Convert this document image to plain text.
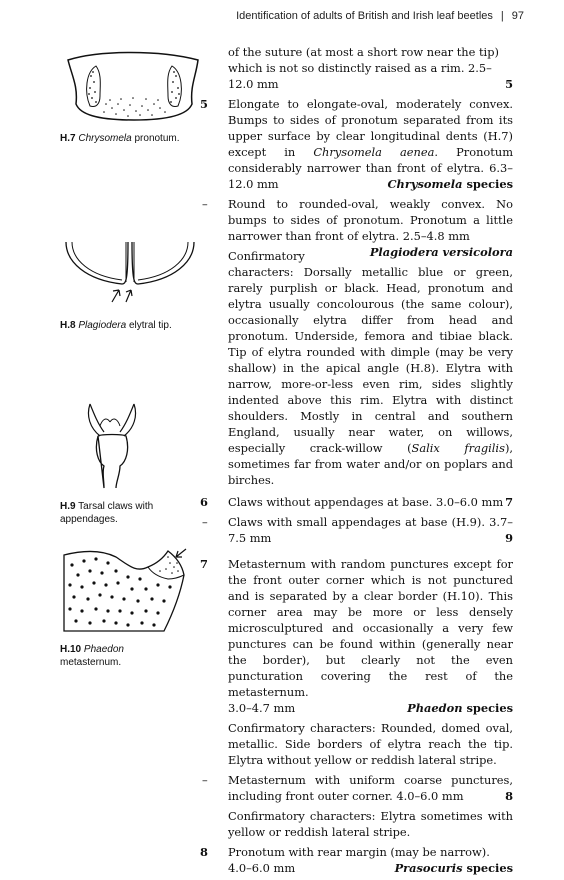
Identification of adults of British and Irish leaf beetles | 97
H.7 Chrysomela pronotum.
H.8 Plagiodera elytral tip.
H.9 Tarsal claws with appendages.
H.10 Phaedon
metasternum.
of the suture (at most a short row near the tip) which is not so distinctly raised as a rim. 2.5–12.0 mm	5
5 Elongate to elongate-oval, moderately convex. Bumps to sides of pronotum separated from its upper surface by clear longitudinal dents (H.7) except in Chrysomela aenea. Pronotum considerably narrower than front of elytra. 6.3–12.0 mm	Chrysomela species
– Round to rounded-oval, weakly convex. No bumps to sides of pronotum. Pronotum a little narrower than front of elytra. 2.5–4.8 mm
Plagiodera versicolora
Confirmatory characters: Dorsally metallic blue or green, rarely purplish or black. Head, pronotum and elytra usually concolourous (the same colour), occasionally elytra differ from head and pronotum. Underside, femora and tibiae black. Tip of elytra rounded with dimple (may be very shallow) in the apical angle (H.8). Elytra with narrow, more-or-less even rim, sides slightly indented above this rim. Elytra with distinct shoulders. Mostly in central and southern England, usually near water, on willows, especially crack-willow (Salix fragilis), sometimes far from water and/or on poplars and birches.
6 Claws without appendages at base. 3.0–6.0 mm 7
– Claws with small appendages at base (H.9). 3.7–7.5 mm	9
7 Metasternum with random punctures except for the front outer corner which is not punctured and is separated by a clear border (H.10). This corner area may be more or less densely microsculptured and occasionally a very few punctures can be found within (generally near the border), but clearly not the even puncturation covering the rest of the metasternum.
3.0–4.7 mm	Phaedon species
Confirmatory characters: Rounded, domed oval, metallic. Side borders of elytra reach the tip. Elytra without yellow or reddish lateral stripe.
– Metasternum with uniform coarse punctures, including front outer corner. 4.0–6.0 mm	8
Confirmatory characters: Elytra sometimes with yellow or reddish lateral stripe.
8 Pronotum with rear margin (may be narrow).
4.0–6.0 mm	Prasocuris species
